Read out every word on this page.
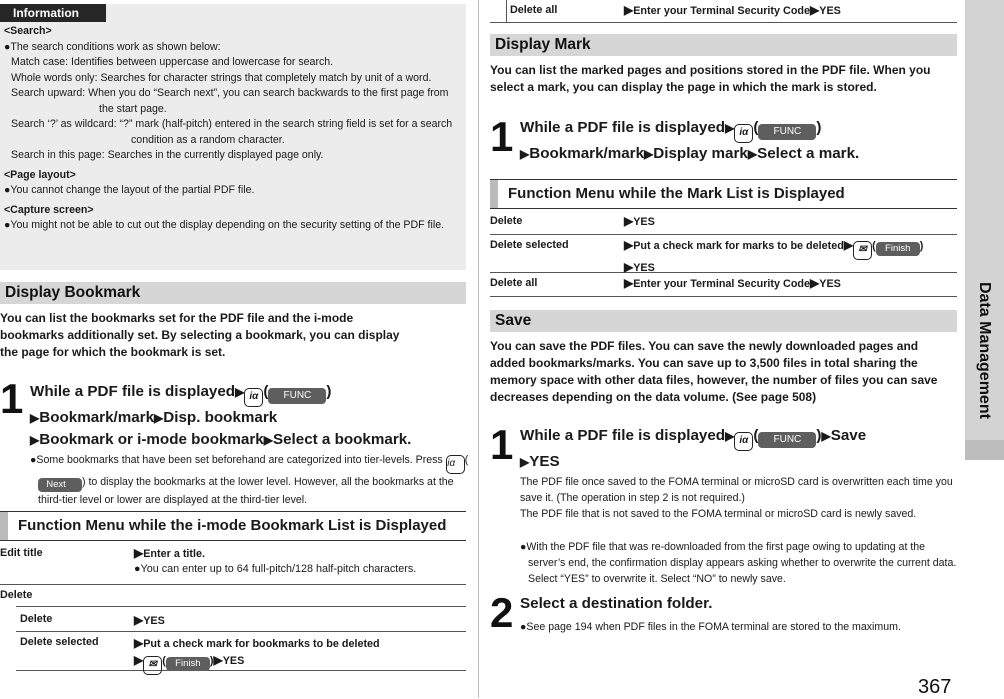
Information
<Search>
●The search conditions work as shown below:
Match case: Identifies between uppercase and lowercase for search.
Whole words only: Searches for character strings that completely match by unit of a word.
Search upward: When you do “Search next”, you can search backwards to the first page from the start page.
Search ‘?’ as wildcard: “?” mark (half-pitch) entered in the search string field is set for a search condition as a random character.
Search in this page: Searches in the currently displayed page only.
<Page layout>
●You cannot change the layout of the partial PDF file.
<Capture screen>
●You might not be able to cut out the display depending on the security setting of the PDF file.
Display Bookmark
You can list the bookmarks set for the PDF file and the i-mode bookmarks additionally set. By selecting a bookmark, you can display the page for which the bookmark is set.
1 While a PDF file is displayed▶ iα ( FUNC )
▶Bookmark/mark▶Disp. bookmark
▶Bookmark or i-mode bookmark▶Select a bookmark.
●Some bookmarks that have been set beforehand are categorized into tier-levels. Press iα (Next ) to display the bookmarks at the lower level. However, all the bookmarks at the third-tier level or lower are displayed at the third-tier level.
Function Menu while the i-mode Bookmark List is Displayed
Edit title	▶Enter a title.
●You can enter up to 64 full-pitch/128 half-pitch characters.
Delete
Delete	▶YES
Delete selected	▶Put a check mark for bookmarks to be deleted
▶ ✉ ( Finish )▶YES
Delete all	▶Enter your Terminal Security Code▶YES
Display Mark
You can list the marked pages and positions stored in the PDF file. When you select a mark, you can display the page in which the mark is stored.
1 While a PDF file is displayed▶ iα ( FUNC )
▶Bookmark/mark▶Display mark▶Select a mark.
Function Menu while the Mark List is Displayed
Delete	▶YES
Delete selected	▶Put a check mark for marks to be deleted▶ ✉ ( Finish )
▶YES
Delete all	▶Enter your Terminal Security Code▶YES
Save
You can save the PDF files. You can save the newly downloaded pages and added bookmarks/marks. You can save up to 3,500 files in total sharing the memory space with other data files, however, the number of files you can save decreases depending on the data volume. (See page 508)
1 While a PDF file is displayed▶ iα ( FUNC )▶Save
▶YES
The PDF file once saved to the FOMA terminal or microSD card is overwritten each time you save it. (The operation in step 2 is not required.)
The PDF file that is not saved to the FOMA terminal or microSD card is newly saved.
●With the PDF file that was re-downloaded from the first page owing to updating at the server’s end, the confirmation display appears asking whether to overwrite the current data. Select “YES” to overwrite it. Select “NO” to newly save.
2 Select a destination folder.
●See page 194 when PDF files in the FOMA terminal are stored to the maximum.
Data Management
367
